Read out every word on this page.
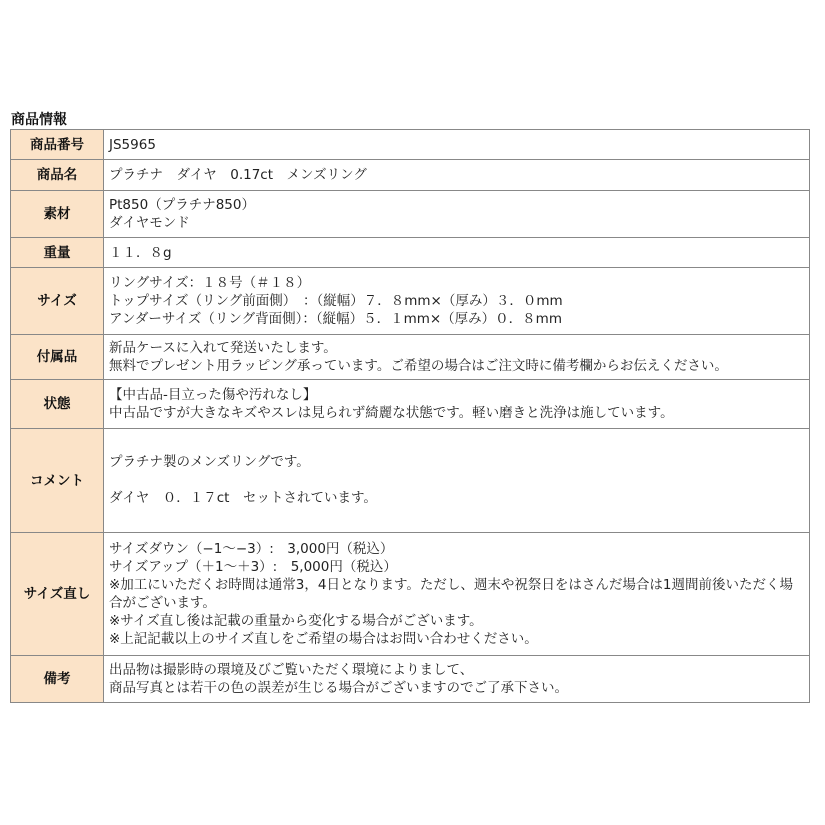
商品情報
商品番号	JS5965

商品名	プラチナ　ダイヤ　0.17ct　メンズリング

素材	Pt850（プラチナ850）
ダイヤモンド

重量	１１．８g

サイズ	リングサイズ：１８号（＃１８）
トップサイズ（リング前面側）　：（縦幅）７．８mm×（厚み）３．０mm
アンダーサイズ（リング背面側）：（縦幅）５．１mm×（厚み）０．８mm

付属品	新品ケースに入れて発送いたします。
無料でプレゼント用ラッピング承っています。ご希望の場合はご注文時に備考欄からお伝えください。

状態	【中古品-目立った傷や汚れなし】
中古品ですが大きなキズやスレは見られず綺麗な状態です。軽い磨きと洗浄は施しています。

コメント	プラチナ製のメンズリングです。
ダイヤ　０．１７ct　セットされています。

サイズ直し	サイズダウン（−1〜−3）:　3,000円（税込）
サイズアップ（＋1〜＋3）:　5,000円（税込）
※加工にいただくお時間は通常3，4日となります。ただし、週末や祝祭日をはさんだ場合は1週間前後いただく場合がございます。
※サイズ直し後は記載の重量から変化する場合がございます。
※上記記載以上のサイズ直しをご希望の場合はお問い合わせください。

備考	出品物は撮影時の環境及びご覧いただく環境によりまして、
商品写真とは若干の色の誤差が生じる場合がございますのでご了承下さい。
